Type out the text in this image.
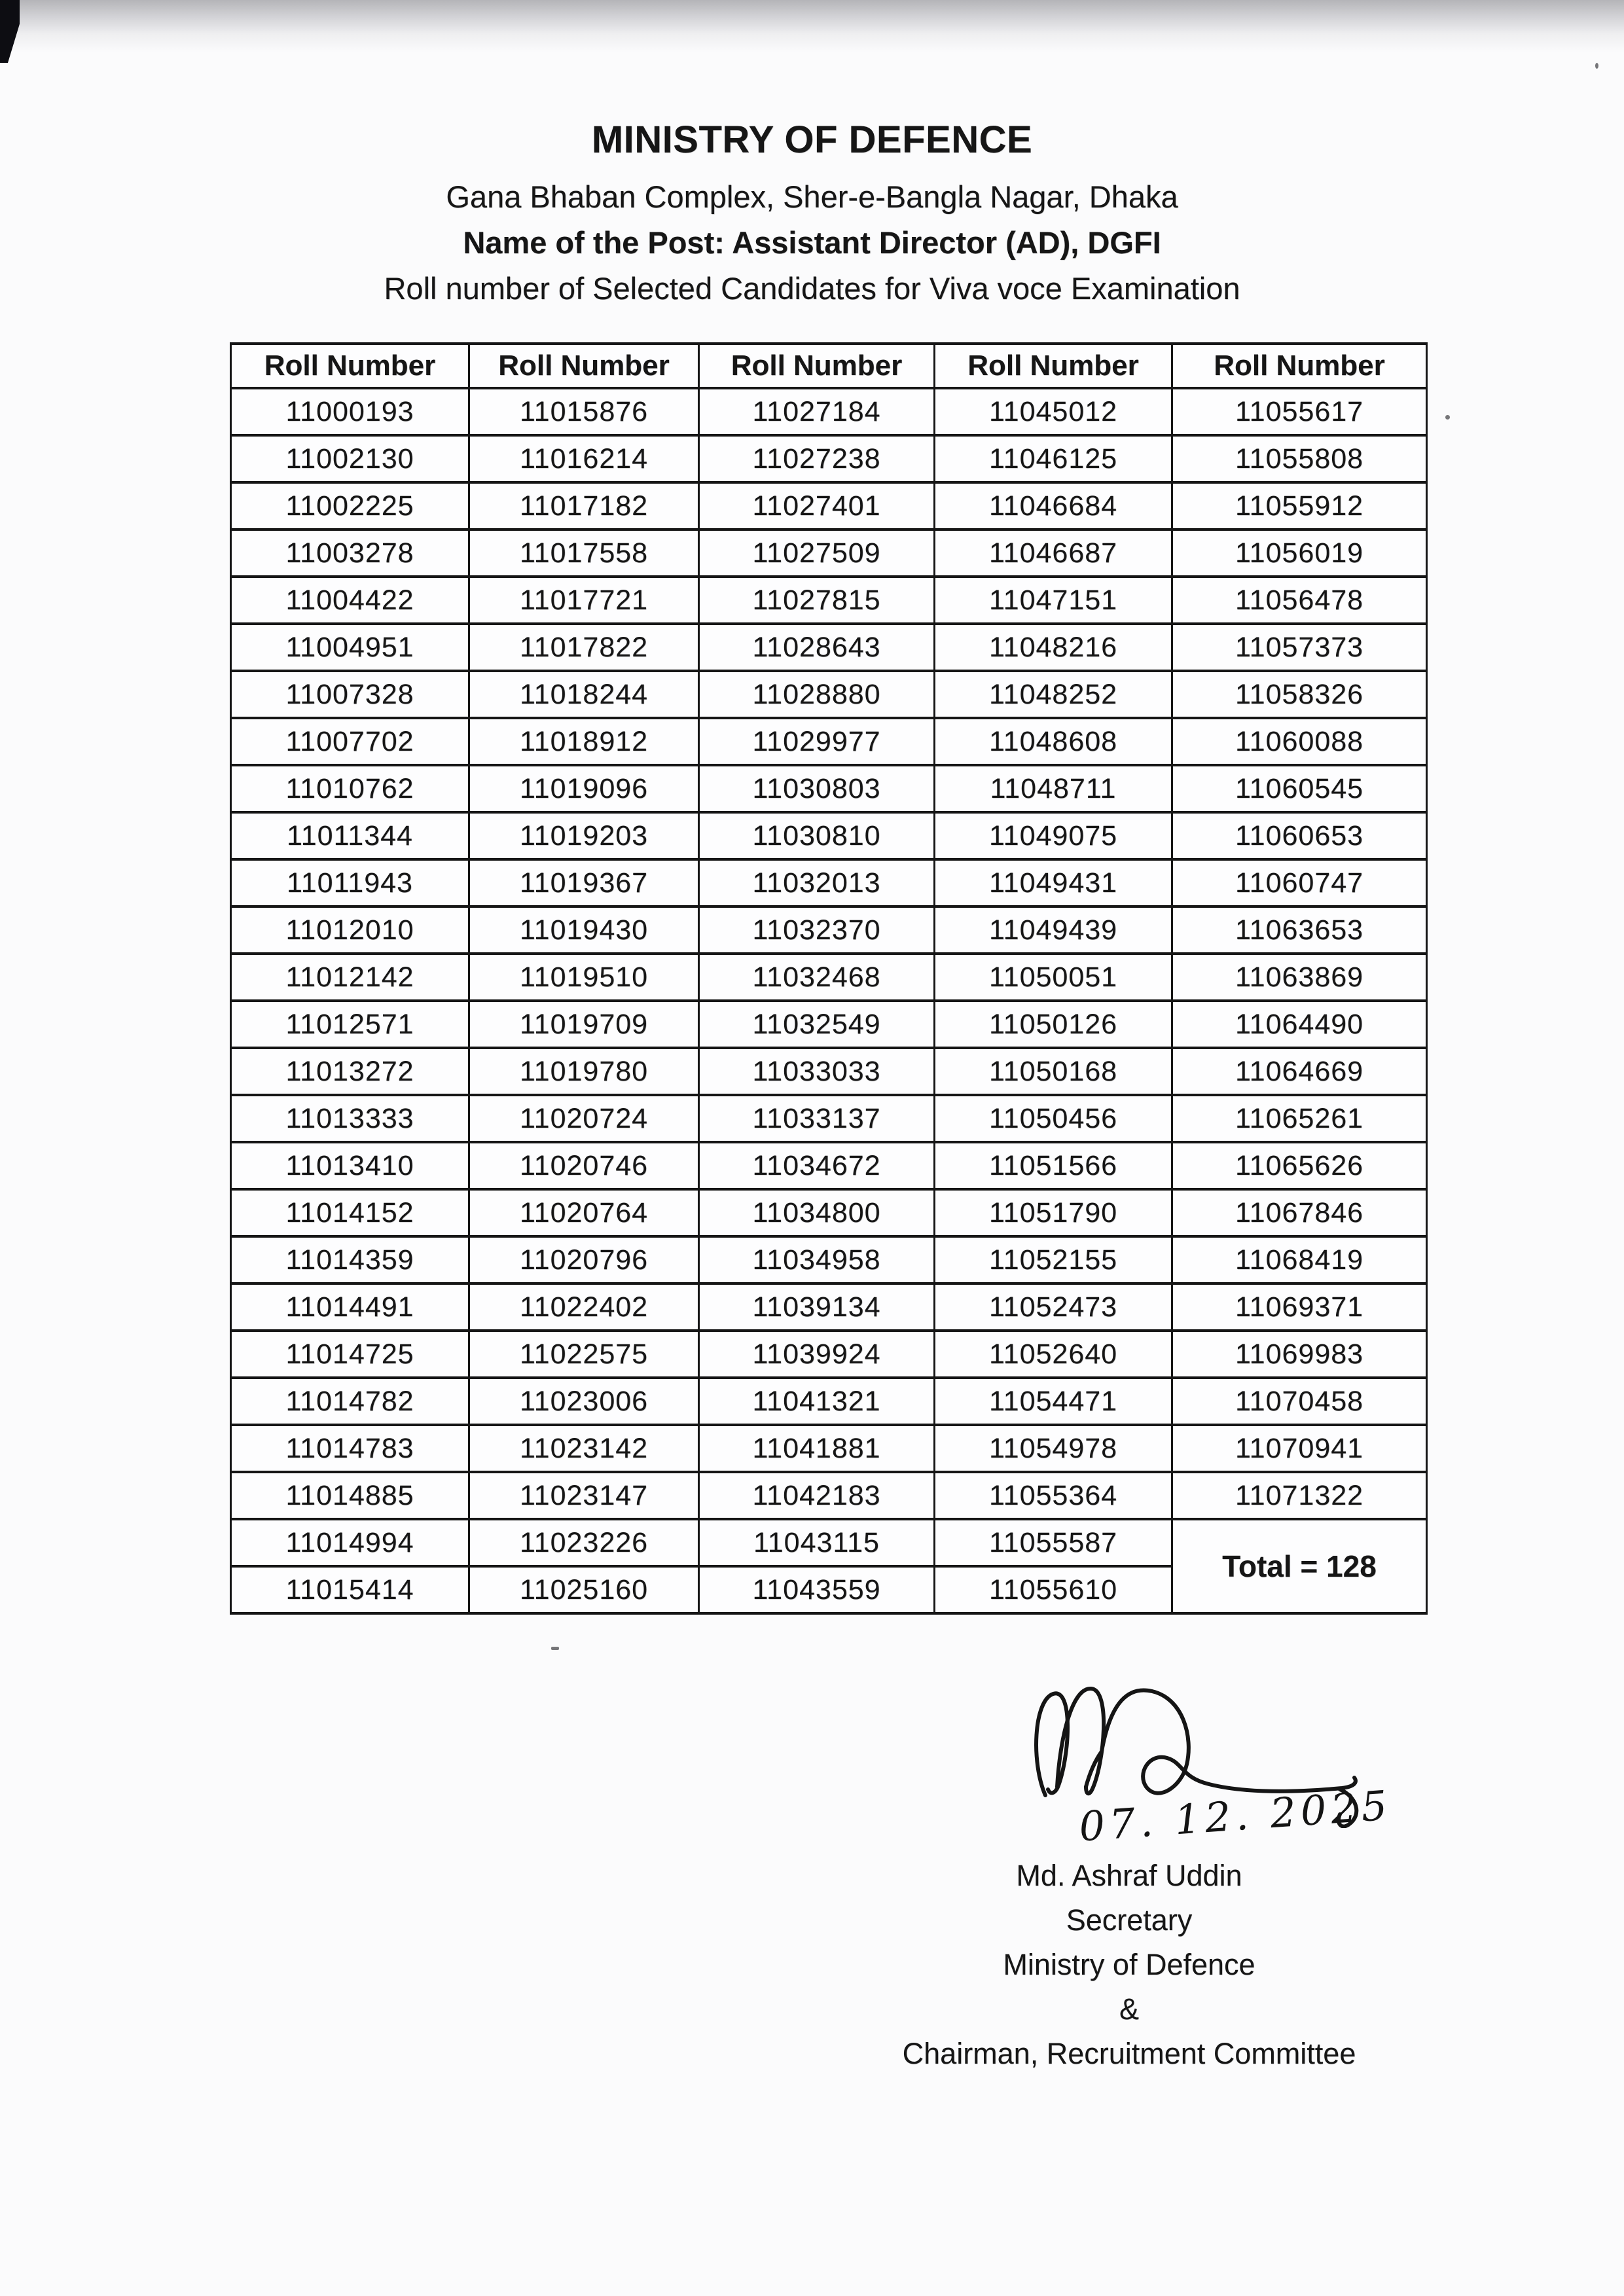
MINISTRY OF DEFENCE
Gana Bhaban Complex, Sher-e-Bangla Nagar, Dhaka
Name of the Post: Assistant Director (AD), DGFI
Roll number of Selected Candidates for Viva voce Examination
Roll Number	Roll Number	Roll Number	Roll Number	Roll Number
11000193	11015876	11027184	11045012	11055617
11002130	11016214	11027238	11046125	11055808
11002225	11017182	11027401	11046684	11055912
11003278	11017558	11027509	11046687	11056019
11004422	11017721	11027815	11047151	11056478
11004951	11017822	11028643	11048216	11057373
11007328	11018244	11028880	11048252	11058326
11007702	11018912	11029977	11048608	11060088
11010762	11019096	11030803	11048711	11060545
11011344	11019203	11030810	11049075	11060653
11011943	11019367	11032013	11049431	11060747
11012010	11019430	11032370	11049439	11063653
11012142	11019510	11032468	11050051	11063869
11012571	11019709	11032549	11050126	11064490
11013272	11019780	11033033	11050168	11064669
11013333	11020724	11033137	11050456	11065261
11013410	11020746	11034672	11051566	11065626
11014152	11020764	11034800	11051790	11067846
11014359	11020796	11034958	11052155	11068419
11014491	11022402	11039134	11052473	11069371
11014725	11022575	11039924	11052640	11069983
11014782	11023006	11041321	11054471	11070458
11014783	11023142	11041881	11054978	11070941
11014885	11023147	11042183	11055364	11071322
11014994	11023226	11043115	11055587	Total = 128
11015414	11025160	11043559	11055610	
07. 12. 2025
Md. Ashraf Uddin
Secretary
Ministry of Defence
&
Chairman, Recruitment Committee
